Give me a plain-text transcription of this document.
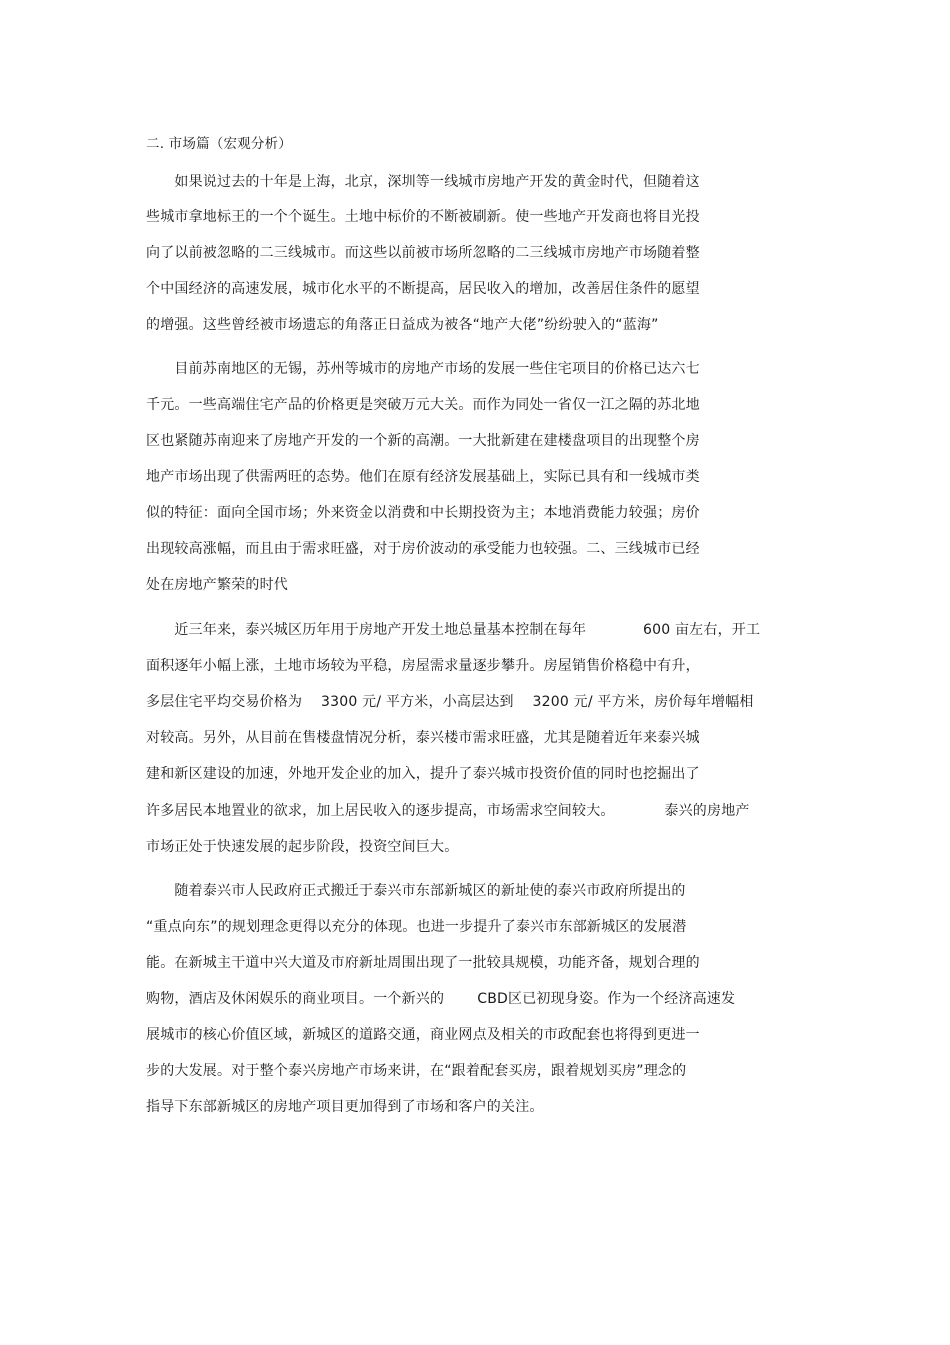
二. 市场篇（宏观分析）
　　如果说过去的十年是上海，北京，深圳等一线城市房地产开发的黄金时代，但随着这
些城市拿地标王的一个个诞生。土地中标价的不断被刷新。使一些地产开发商也将目光投
向了以前被忽略的二三线城市。而这些以前被市场所忽略的二三线城市房地产市场随着整
个中国经济的高速发展，城市化水平的不断提高，居民收入的增加，改善居住条件的愿望
的增强。这些曾经被市场遗忘的角落正日益成为被各“地产大佬”纷纷驶入的“蓝海”
　　目前苏南地区的无锡，苏州等城市的房地产市场的发展一些住宅项目的价格已达六七
千元。一些高端住宅产品的价格更是突破万元大关。而作为同处一省仅一江之隔的苏北地
区也紧随苏南迎来了房地产开发的一个新的高潮。一大批新建在建楼盘项目的出现整个房
地产市场出现了供需两旺的态势。他们在原有经济发展基础上，实际已具有和一线城市类
似的特征：面向全国市场；外来资金以消费和中长期投资为主；本地消费能力较强；房价
出现较高涨幅，而且由于需求旺盛，对于房价波动的承受能力也较强。二、三线城市已经
处在房地产繁荣的时代
　　近三年来，泰兴城区历年用于房地产开发土地总量基本控制在每年　　　　600 亩左右，开工
面积逐年小幅上涨，土地市场较为平稳，房屋需求量逐步攀升。房屋销售价格稳中有升，
多层住宅平均交易价格为　 3300 元/ 平方米，小高层达到　 3200 元/ 平方米，房价每年增幅相
对较高。另外，从目前在售楼盘情况分析，泰兴楼市需求旺盛，尤其是随着近年来泰兴城
建和新区建设的加速，外地开发企业的加入，提升了泰兴城市投资价值的同时也挖掘出了
许多居民本地置业的欲求，加上居民收入的逐步提高，市场需求空间较大。　　　　泰兴的房地产
市场正处于快速发展的起步阶段，投资空间巨大。
　　随着泰兴市人民政府正式搬迁于泰兴市东部新城区的新址使的泰兴市政府所提出的
“重点向东”的规划理念更得以充分的体现。也进一步提升了泰兴市东部新城区的发展潜
能。在新城主干道中兴大道及市府新址周围出现了一批较具规模，功能齐备，规划合理的
购物，酒店及休闲娱乐的商业项目。一个新兴的　　 CBD区已初现身姿。作为一个经济高速发
展城市的核心价值区域，新城区的道路交通，商业网点及相关的市政配套也将得到更进一
步的大发展。对于整个泰兴房地产市场来讲，在“跟着配套买房，跟着规划买房”理念的
指导下东部新城区的房地产项目更加得到了市场和客户的关注。
